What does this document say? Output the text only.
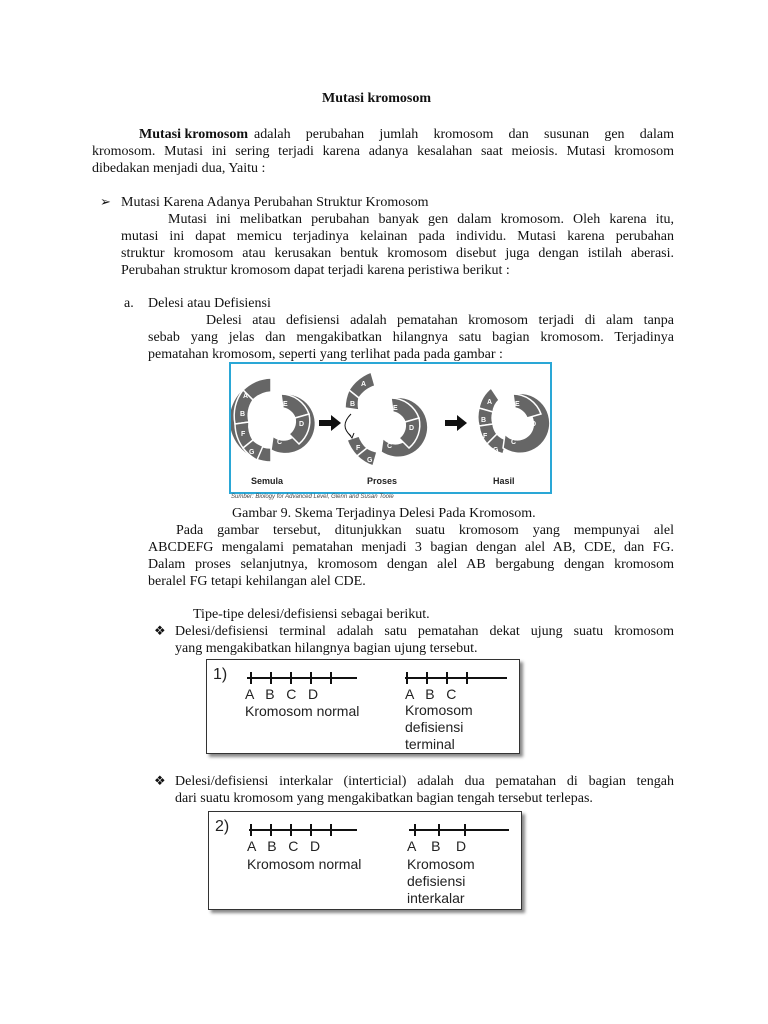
Mutasi kromosom
Mutasi kromosom adalah perubahan jumlah kromosom dan susunan gen dalam
kromosom. Mutasi ini sering terjadi karena adanya kesalahan saat meiosis. Mutasi kromosom
dibedakan menjadi dua, Yaitu :
➢ Mutasi Karena Adanya Perubahan Struktur Kromosom
Mutasi ini melibatkan perubahan banyak gen dalam kromosom. Oleh karena itu,
mutasi ini dapat memicu terjadinya kelainan pada individu. Mutasi karena perubahan
struktur kromosom atau kerusakan bentuk kromosom disebut juga dengan istilah aberasi.
Perubahan struktur kromosom dapat terjadi karena peristiwa berikut :
a. Delesi atau Defisiensi
Delesi atau defisiensi adalah pematahan kromosom terjadi di alam tanpa
sebab yang jelas dan mengakibatkan hilangnya satu bagian kromosom. Terjadinya
pematahan kromosom, seperti yang terlihat pada pada gambar :
A
B
F
G
E
D
C
A
B
F
G
E
D
C
A
B
F
G
E
D
C
Semula	Proses	Hasil
Sumber: Biology for Advanced Level, Glenn and Susan Toole
Gambar 9. Skema Terjadinya Delesi Pada Kromosom.
Pada gambar tersebut, ditunjukkan suatu kromosom yang mempunyai alel
ABCDEFG mengalami pematahan menjadi 3 bagian dengan alel AB, CDE, dan FG.
Dalam proses selanjutnya, kromosom dengan alel AB bergabung dengan kromosom
beralel FG tetapi kehilangan alel CDE.
Tipe-tipe delesi/defisiensi sebagai berikut.
❖ Delesi/defisiensi terminal adalah satu pematahan dekat ujung suatu kromosom
yang mengakibatkan hilangnya bagian ujung tersebut.
1)
A   B   C   D
Kromosom normal
A   B   C
Kromosom
defisiensi
terminal
❖ Delesi/defisiensi interkalar (interticial) adalah dua pematahan di bagian tengah
dari suatu kromosom yang mengakibatkan bagian tengah tersebut terlepas.
2)
A   B   C   D
Kromosom normal
A    B    D
Kromosom
defisiensi
interkalar
